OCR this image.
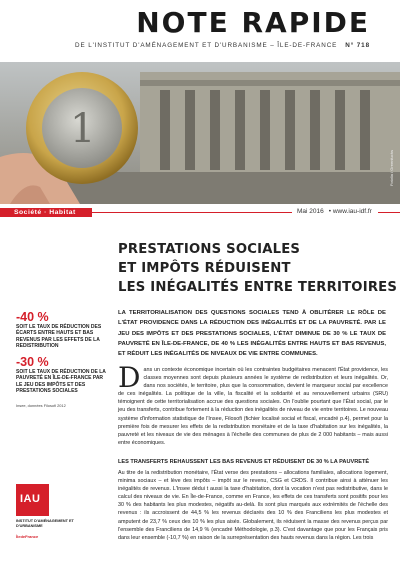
NOTE RAPIDE
DE L'INSTITUT D'AMÉNAGEMENT ET D'URBANISME – ÎLE-DE-FRANCE N° 718
1
Fotolia / Greenfuchs
Société · Habitat	Mai 2016 • www.iau-idf.fr
PRESTATIONS SOCIALES
ET IMPÔTS RÉDUISENT
LES INÉGALITÉS ENTRE TERRITOIRES

LA TERRITORIALISATION DES QUESTIONS SOCIALES TEND À OBLITÉRER LE RÔLE DE L'ÉTAT PROVIDENCE DANS LA RÉDUCTION DES INÉGALITÉS ET DE LA PAUVRETÉ. PAR LE JEU DES IMPÔTS ET DES PRESTATIONS SOCIALES, L'ÉTAT DIMINUE DE 30 % LE TAUX DE PAUVRETÉ EN ÎLE-DE-FRANCE, DE 40 % LES INÉGALITÉS ENTRE HAUTS ET BAS REVENUS, ET RÉDUIT LES INÉGALITÉS DE NIVEAUX DE VIE ENTRE COMMUNES.

-40 %
SOIT LE TAUX DE RÉDUCTION DES ÉCARTS ENTRE HAUTS ET BAS REVENUS PAR LES EFFETS DE LA REDISTRIBUTION
-30 %
SOIT LE TAUX DE RÉDUCTION DE LA PAUVRETÉ EN ÎLE-DE-FRANCE PAR LE JEU DES IMPÔTS ET DES PRESTATIONS SOCIALES
Insee, données Filosofi 2012
Dans un contexte économique incertain où les contraintes budgétaires menacent l'État providence, les classes moyennes sont depuis plusieurs années le système de redistribution et leurs inégalités. Or, dans nos sociétés, le territoire, plus que la consommation, devient le marqueur social par excellence de ces inégalités. La politique de la ville, la fiscalité et la solidarité et au renouvellement urbains (SRU) témoignent de cette territorialisation accrue des questions sociales. On l'oublie pourtant que l'État social, par le jeu des transferts, contribue fortement à la réduction des inégalités de niveau de vie entre territoires. Le nouveau système d'information statistique de l'Insee, Filosofi (fichier localisé social et fiscal, encadré p.4), permet pour la première fois de mesurer les effets de la redistribution monétaire et de la taxe d'habitation sur les inégalités, la pauvreté et les niveaux de vie des ménages à l'échelle des communes de plus de 2 000 habitants – mais aussi entre économiques.
LES TRANSFERTS REHAUSSENT LES BAS REVENUS ET RÉDUISENT DE 30 % LA PAUVRETÉ
Au titre de la redistribution monétaire, l'État verse des prestations – allocations familiales, allocations logement, minima sociaux – et lève des impôts – impôt sur le revenu, CSG et CRDS. Il contribue ainsi à atténuer les inégalités de revenus. L'Insee dédui t aussi la taxe d'habitation, dont la vocation n'est pas redistributive, dans le calcul des niveaux de vie. En Île-de-France, comme en France, les effets de ces transferts sont positifs pour les 30 % des habitants les plus modestes, négatifs au-delà. Ils sont plus marqués aux extrémités de l'échelle des revenus : ils accroissent de 44,5 % les revenus déclarés des 10 % des Franciliens les plus modestes et amputent de 23,7 % ceux des 10 % les plus aisés. Globalement, ils réduisent la masse des revenus perçus par l'ensemble des Franciliens de 14,9 % (encadré Méthodologie, p.3). C'est davantage que pour les Français pris dans leur ensemble (-10,7 %) en raison de la surreprésentation des hauts revenus dans la région. Les trois
IAU
INSTITUT D'AMÉNAGEMENT ET D'URBANISME
ÎledeFrance
